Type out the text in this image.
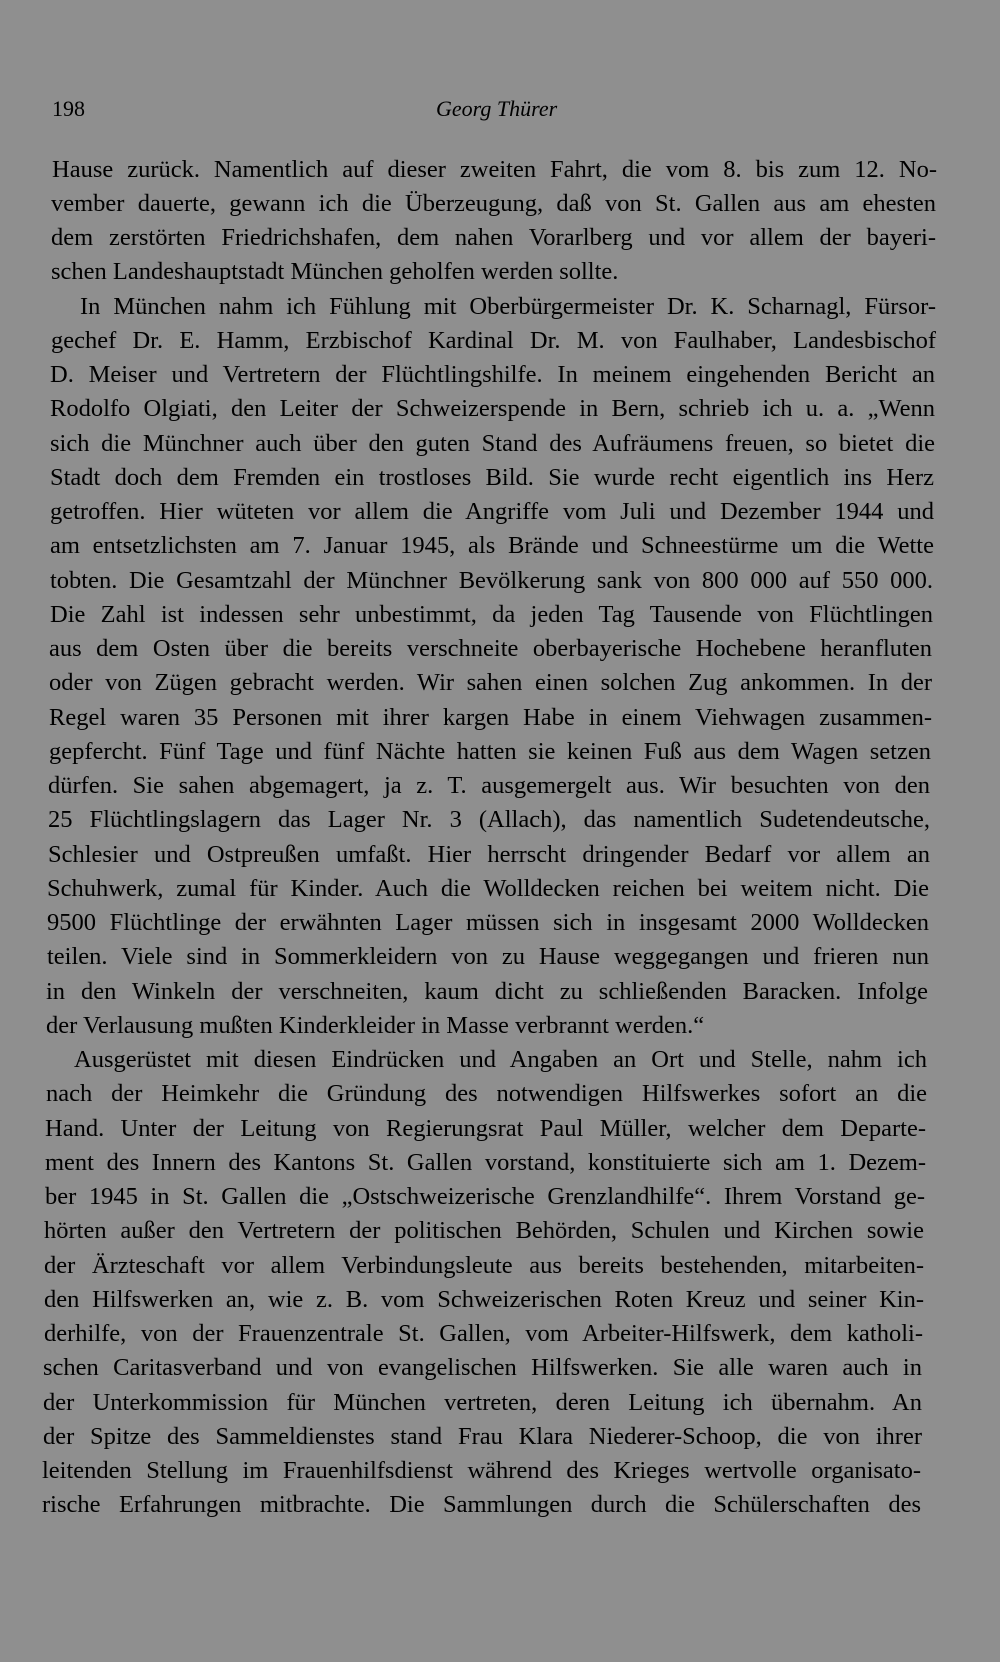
198	Georg Thürer
Hause zurück. Namentlich auf dieser zweiten Fahrt, die vom 8. bis zum 12. No-
vember dauerte, gewann ich die Überzeugung, daß von St. Gallen aus am ehesten
dem zerstörten Friedrichshafen, dem nahen Vorarlberg und vor allem der bayeri-
schen Landeshauptstadt München geholfen werden sollte.
In München nahm ich Fühlung mit Oberbürgermeister Dr. K. Scharnagl, Fürsor-
gechef Dr. E. Hamm, Erzbischof Kardinal Dr. M. von Faulhaber, Landesbischof
D. Meiser und Vertretern der Flüchtlingshilfe. In meinem eingehenden Bericht an
Rodolfo Olgiati, den Leiter der Schweizerspende in Bern, schrieb ich u. a. „Wenn
sich die Münchner auch über den guten Stand des Aufräumens freuen, so bietet die
Stadt doch dem Fremden ein trostloses Bild. Sie wurde recht eigentlich ins Herz
getroffen. Hier wüteten vor allem die Angriffe vom Juli und Dezember 1944 und
am entsetzlichsten am 7. Januar 1945, als Brände und Schneestürme um die Wette
tobten. Die Gesamtzahl der Münchner Bevölkerung sank von 800 000 auf 550 000.
Die Zahl ist indessen sehr unbestimmt, da jeden Tag Tausende von Flüchtlingen
aus dem Osten über die bereits verschneite oberbayerische Hochebene heranfluten
oder von Zügen gebracht werden. Wir sahen einen solchen Zug ankommen. In der
Regel waren 35 Personen mit ihrer kargen Habe in einem Viehwagen zusammen-
gepfercht. Fünf Tage und fünf Nächte hatten sie keinen Fuß aus dem Wagen setzen
dürfen. Sie sahen abgemagert, ja z. T. ausgemergelt aus. Wir besuchten von den
25 Flüchtlingslagern das Lager Nr. 3 (Allach), das namentlich Sudetendeutsche,
Schlesier und Ostpreußen umfaßt. Hier herrscht dringender Bedarf vor allem an
Schuhwerk, zumal für Kinder. Auch die Wolldecken reichen bei weitem nicht. Die
9500 Flüchtlinge der erwähnten Lager müssen sich in insgesamt 2000 Wolldecken
teilen. Viele sind in Sommerkleidern von zu Hause weggegangen und frieren nun
in den Winkeln der verschneiten, kaum dicht zu schließenden Baracken. Infolge
der Verlausung mußten Kinderkleider in Masse verbrannt werden.“
Ausgerüstet mit diesen Eindrücken und Angaben an Ort und Stelle, nahm ich
nach der Heimkehr die Gründung des notwendigen Hilfswerkes sofort an die
Hand. Unter der Leitung von Regierungsrat Paul Müller, welcher dem Departe-
ment des Innern des Kantons St. Gallen vorstand, konstituierte sich am 1. Dezem-
ber 1945 in St. Gallen die „Ostschweizerische Grenzlandhilfe“. Ihrem Vorstand ge-
hörten außer den Vertretern der politischen Behörden, Schulen und Kirchen sowie
der Ärzteschaft vor allem Verbindungsleute aus bereits bestehenden, mitarbeiten-
den Hilfswerken an, wie z. B. vom Schweizerischen Roten Kreuz und seiner Kin-
derhilfe, von der Frauenzentrale St. Gallen, vom Arbeiter-Hilfswerk, dem katholi-
schen Caritasverband und von evangelischen Hilfswerken. Sie alle waren auch in
der Unterkommission für München vertreten, deren Leitung ich übernahm. An
der Spitze des Sammeldienstes stand Frau Klara Niederer-Schoop, die von ihrer
leitenden Stellung im Frauenhilfsdienst während des Krieges wertvolle organisato-
rische Erfahrungen mitbrachte. Die Sammlungen durch die Schülerschaften des
